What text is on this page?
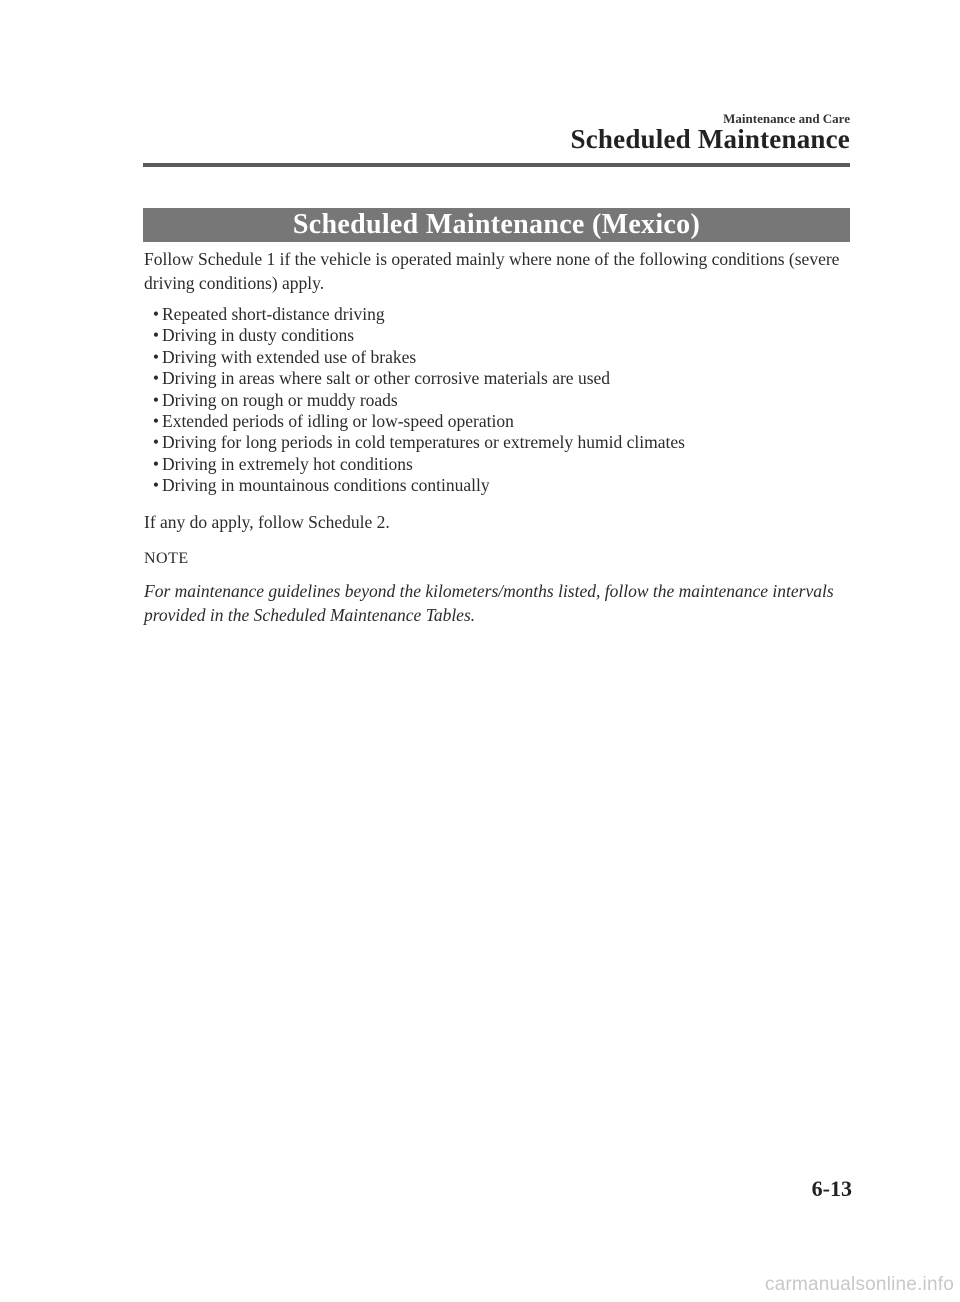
Maintenance and Care
Scheduled Maintenance
Scheduled Maintenance (Mexico)

Follow Schedule 1 if the vehicle is operated mainly where none of the following conditions (severe driving conditions) apply.

• Repeated short-distance driving
• Driving in dusty conditions
• Driving with extended use of brakes
• Driving in areas where salt or other corrosive materials are used
• Driving on rough or muddy roads
• Extended periods of idling or low-speed operation
• Driving for long periods in cold temperatures or extremely humid climates
• Driving in extremely hot conditions
• Driving in mountainous conditions continually

If any do apply, follow Schedule 2.

NOTE

For maintenance guidelines beyond the kilometers/months listed, follow the maintenance intervals provided in the Scheduled Maintenance Tables.

6-13
carmanualsonline.info
